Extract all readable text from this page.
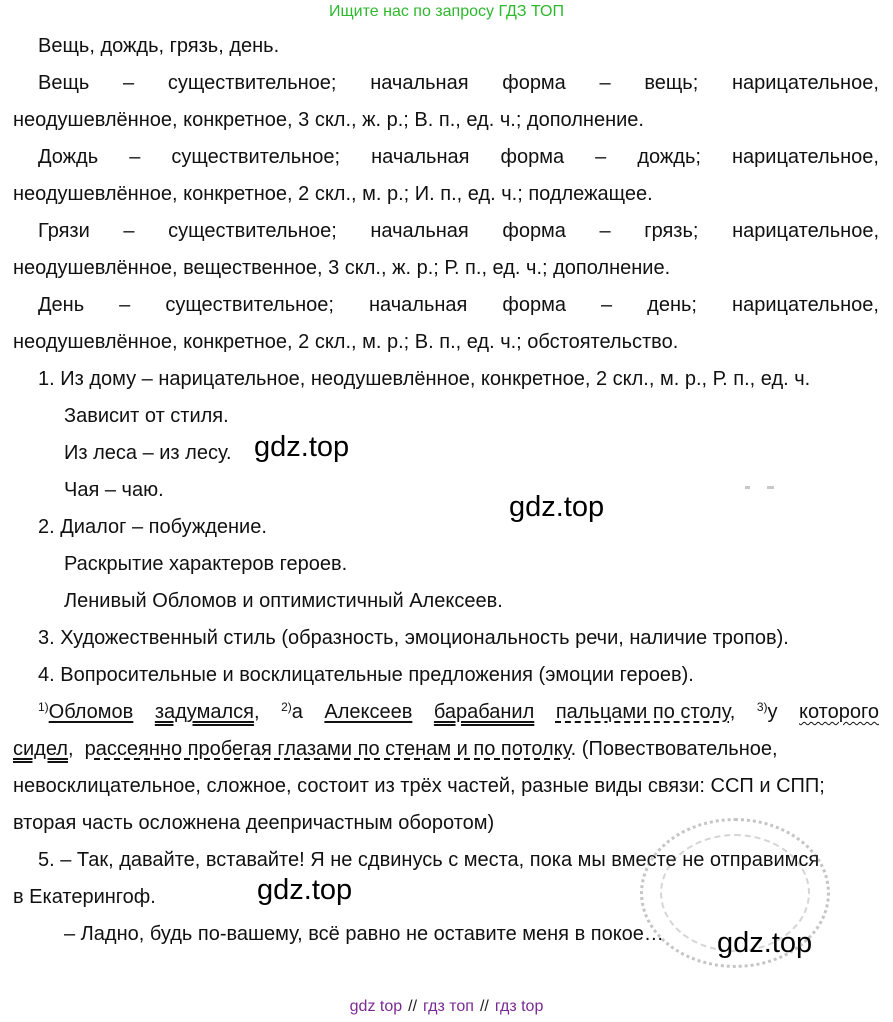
Ищите нас по запросу ГДЗ ТОП
Вещь, дождь, грязь, день.
Вещь – существительное; начальная форма – вещь; нарицательное,
неодушевлённое, конкретное, 3 скл., ж. р.; В. п., ед. ч.; дополнение.
Дождь – существительное; начальная форма – дождь; нарицательное,
неодушевлённое, конкретное, 2 скл., м. р.; И. п., ед. ч.; подлежащее.
Грязи – существительное; начальная форма – грязь; нарицательное,
неодушевлённое, вещественное, 3 скл., ж. р.; Р. п., ед. ч.; дополнение.
День – существительное; начальная форма – день; нарицательное,
неодушевлённое, конкретное, 2 скл., м. р.; В. п., ед. ч.; обстоятельство.
1. Из дому – нарицательное, неодушевлённое, конкретное, 2 скл., м. р., Р. п., ед. ч.
Зависит от стиля.
Из леса – из лесу.
Чая – чаю.
2. Диалог – побуждение.
Раскрытие характеров героев.
Ленивый Обломов и оптимистичный Алексеев.
3. Художественный стиль (образность, эмоциональность речи, наличие тропов).
4. Вопросительные и восклицательные предложения (эмоции героев).
$^{1)}$Обломов задумался, $^{2)}$а Алексеев барабанил пальцами по столу, $^{3)}$у которого
сидел,  рассеянно пробегая глазами по стенам и по потолку. (Повествовательное,
невосклицательное, сложное, состоит из трёх частей, разные виды связи: ССП и СПП;
вторая часть осложнена деепричастным оборотом)
5. – Так, давайте, вставайте! Я не сдвинусь с места, пока мы вместе не отправимся
в Екатерингоф.
– Ладно, будь по-вашему, всё равно не оставите меня в покое…
gdz.top
gdz.top
gdz.top
gdz.top
gdz top // гдз топ // гдз top
